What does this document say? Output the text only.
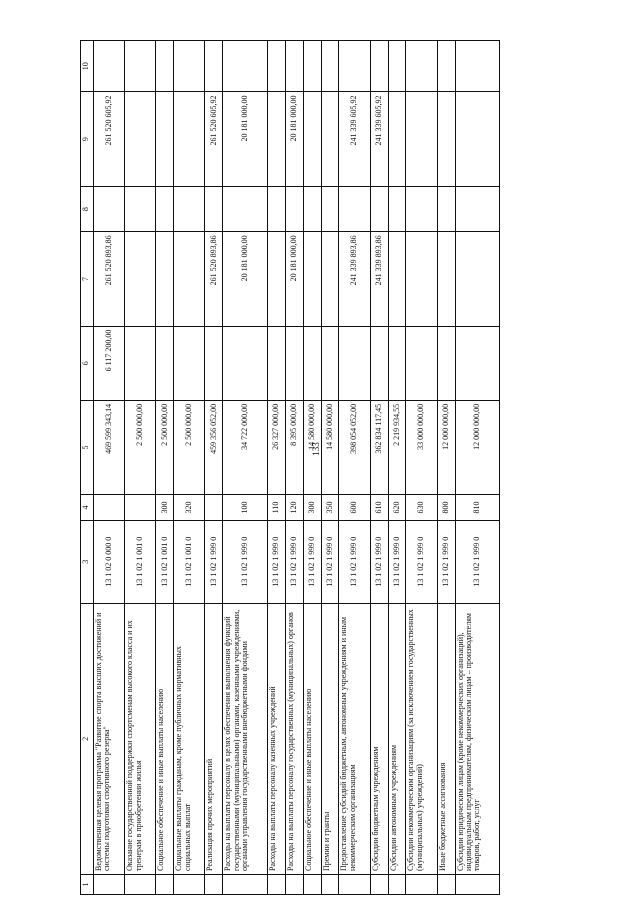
133
1	2	3	4	5	6	7	8	9	10
	Ведомственная целевая программа "Развитие спорта высших достижений и системы подготовки спортивного резерва"	13 1 02 0 000 0		469 599 343,14	6 117 200,00	261 520 893,86		261 520 605,92	
	Оказание государственной поддержки спортсменам высокого класса и их тренерам в приобретении жилья	13 1 02 1 001 0		2 500 000,00					
	Социальное обеспечение и иные выплаты населению	13 1 02 1 001 0	300	2 500 000,00					
	Социальные выплаты гражданам, кроме публичных нормативных социальных выплат	13 1 02 1 001 0	320	2 500 000,00					
	Реализация прочих мероприятий	13 1 02 1 999 0		459 356 052,00		261 520 893,86		261 520 605,92	
	Расходы на выплаты персоналу в целях обеспечения выполнения функций государственными (муниципальными) органами, казенными учреждениями, органами управления государственными внебюджетными фондами	13 1 02 1 999 0	100	34 722 000,00		20 181 000,00		20 181 000,00	
	Расходы на выплаты персоналу казенных учреждений	13 1 02 1 999 0	110	26 327 000,00					
	Расходы на выплаты персоналу государственных (муниципальных) органов	13 1 02 1 999 0	120	8 395 000,00		20 181 000,00		20 181 000,00	
	Социальное обеспечение и иные выплаты населению	13 1 02 1 999 0	300	14 580 000,00					
	Премии и гранты	13 1 02 1 999 0	350	14 580 000,00					
	Предоставление субсидий бюджетным, автономным учреждениям и иным некоммерческим организациям	13 1 02 1 999 0	600	398 054 052,00		241 339 893,86		241 339 605,92	
	Субсидии бюджетным учреждениям	13 1 02 1 999 0	610	362 834 117,45		241 339 893,86		241 339 605,92	
	Субсидии автономным учреждениям	13 1 02 1 999 0	620	2 219 934,55					
	Субсидии некоммерческим организациям (за исключением государственных (муниципальных) учреждений)	13 1 02 1 999 0	630	33 000 000,00					
	Иные бюджетные ассигнования	13 1 02 1 999 0	800	12 000 000,00					
	Субсидии юридическим лицам (кроме некоммерческих организаций), индивидуальным предпринимателям, физическим лицам – производителям товаров, работ, услуг	13 1 02 1 999 0	810	12 000 000,00					
